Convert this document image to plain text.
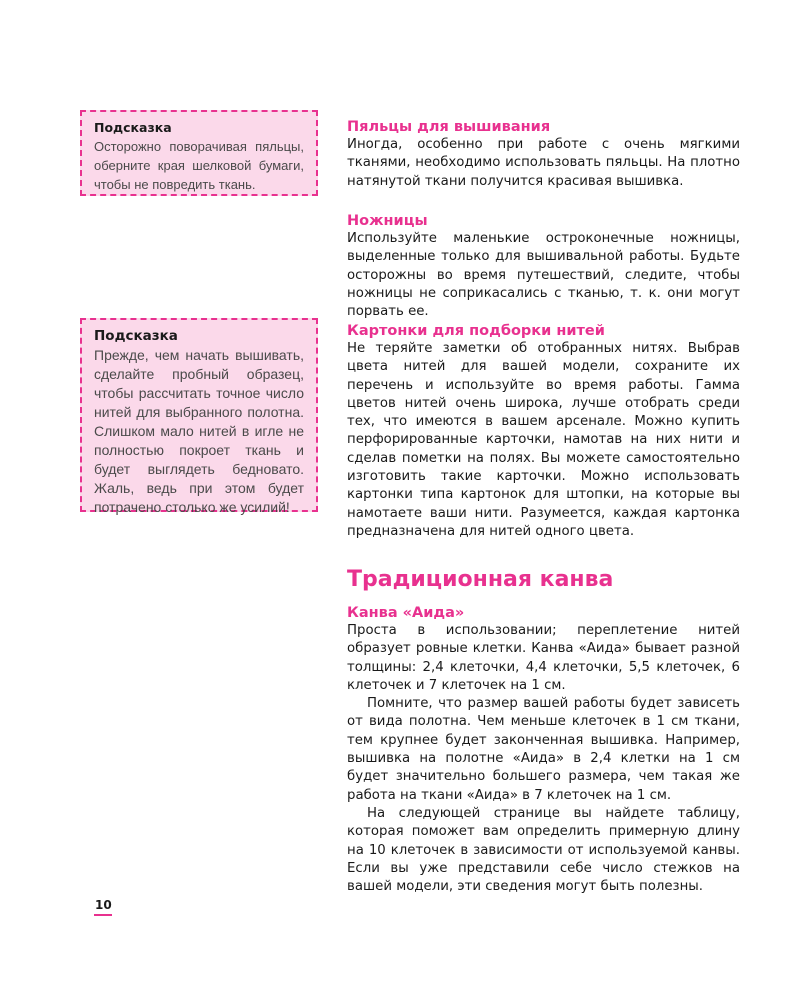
Подсказка
Осторожно поворачивая пяльцы, оберните края шелковой бумаги, чтобы не повредить ткань.
Подсказка
Прежде, чем начать вышивать, сделайте пробный образец, чтобы рассчитать точное число нитей для выбранного полотна. Слишком мало нитей в игле не полностью покроет ткань и будет выглядеть бедновато. Жаль, ведь при этом будет потрачено столько же усилий!
Пяльцы для вышивания

Иногда, особенно при работе с очень мягкими тканями, необходимо использовать пяльцы. На плотно натянутой ткани получится красивая вышивка.

Ножницы

Используйте маленькие остроконечные ножницы, выделенные только для вышивальной работы. Будьте осторожны во время путешествий, следите, чтобы ножницы не соприкасались с тканью, т. к. они могут порвать ее.

Картонки для подборки нитей

Не теряйте заметки об отобранных нитях. Выбрав цвета нитей для вашей модели, сохраните их перечень и используйте во время работы. Гамма цветов нитей очень широка, лучше отобрать среди тех, что имеются в вашем арсенале. Можно купить перфорированные карточки, намотав на них нити и сделав пометки на полях. Вы можете самостоятельно изготовить такие карточки. Можно использовать картонки типа картонок для штопки, на которые вы намотаете ваши нити. Разумеется, каждая картонка предназначена для нитей одного цвета.

Традиционная канва
Канва «Аида»

Проста в использовании; переплетение нитей образует ровные клетки. Канва «Аида» бывает разной толщины: 2,4 клеточки, 4,4 клеточки, 5,5 клеточек, 6 клеточек и 7 клеточек на 1 см.

Помните, что размер вашей работы будет зависеть от вида полотна. Чем меньше клеточек в 1 см ткани, тем крупнее будет законченная вышивка. Например, вышивка на полотне «Аида» в 2,4 клетки на 1 см будет значительно большего размера, чем такая же работа на ткани «Аида» в 7 клеточек на 1 см.

На следующей странице вы найдете таблицу, которая поможет вам определить примерную длину на 10 клеточек в зависимости от используемой канвы. Если вы уже представили себе число стежков на вашей модели, эти сведения могут быть полезны.

10
